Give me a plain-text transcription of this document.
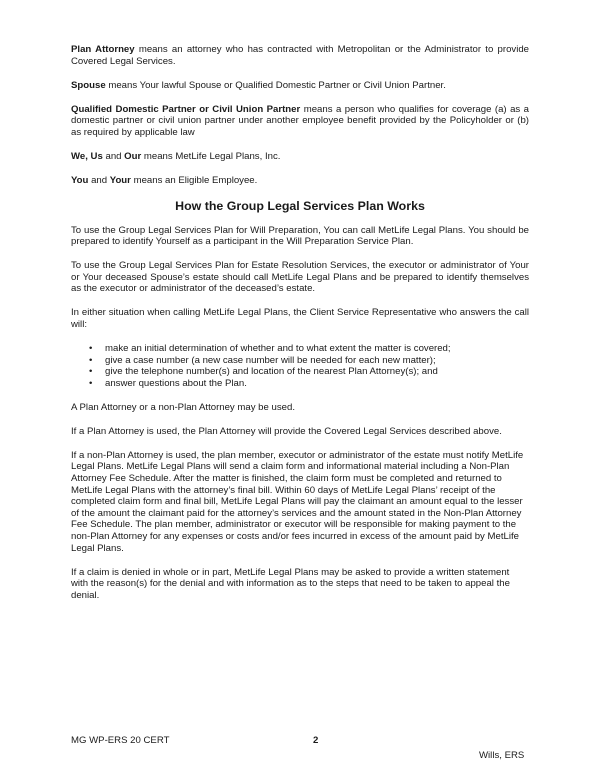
Plan Attorney means an attorney who has contracted with Metropolitan or the Administrator to provide Covered Legal Services.

Spouse means Your lawful Spouse or Qualified Domestic Partner or Civil Union Partner.

Qualified Domestic Partner or Civil Union Partner means a person who qualifies for coverage (a) as a domestic partner or civil union partner under another employee benefit provided by the Policyholder or (b) as required by applicable law

We, Us and Our means MetLife Legal Plans, Inc.

You and Your means an Eligible Employee.

How the Group Legal Services Plan Works

To use the Group Legal Services Plan for Will Preparation, You can call MetLife Legal Plans. You should be prepared to identify Yourself as a participant in the Will Preparation Service Plan.

To use the Group Legal Services Plan for Estate Resolution Services, the executor or administrator of Your or Your deceased Spouse’s estate should call MetLife Legal Plans and be prepared to identify themselves as the executor or administrator of the deceased’s estate.

In either situation when calling MetLife Legal Plans, the Client Service Representative who answers the call will:

• make an initial determination of whether and to what extent the matter is covered;
• give a case number (a new case number will be needed for each new matter);
• give the telephone number(s) and location of the nearest Plan Attorney(s); and
• answer questions about the Plan.

A Plan Attorney or a non-Plan Attorney may be used.

If a Plan Attorney is used, the Plan Attorney will provide the Covered Legal Services described above.

If a non-Plan Attorney is used, the plan member, executor or administrator of the estate must notify MetLife Legal Plans. MetLife Legal Plans will send a claim form and informational material including a Non-Plan Attorney Fee Schedule. After the matter is finished, the claim form must be completed and returned to MetLife Legal Plans with the attorney’s final bill. Within 60 days of MetLife Legal Plans’ receipt of the completed claim form and final bill, MetLife Legal Plans will pay the claimant an amount equal to the lesser of the amount the claimant paid for the attorney’s services and the amount stated in the Non-Plan Attorney Fee Schedule. The plan member, administrator or executor will be responsible for making payment to the non-Plan Attorney for any expenses or costs and/or fees incurred in excess of the amount paid by MetLife Legal Plans.

If a claim is denied in whole or in part, MetLife Legal Plans may be asked to provide a written statement with the reason(s) for the denial and with information as to the steps that need to be taken to appeal the denial.

MG WP-ERS 20 CERT	2
Wills, ERS
